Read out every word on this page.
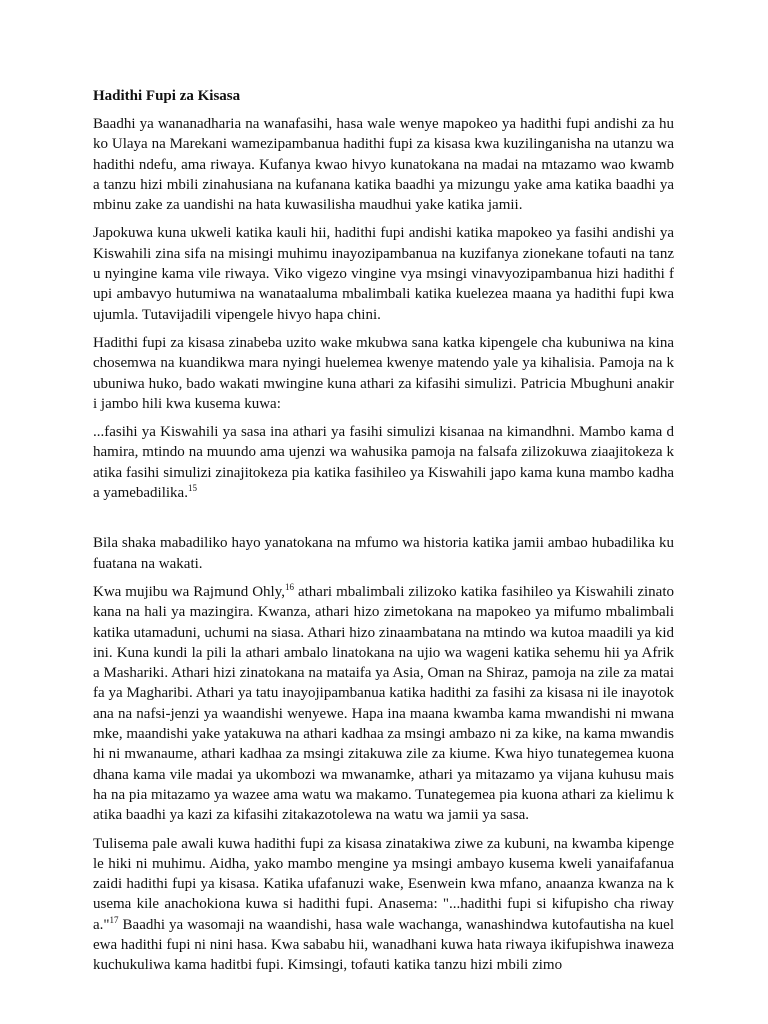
Hadithi Fupi za Kisasa

Baadhi ya wananadharia na wanafasihi, hasa wale wenye mapokeo ya hadithi fupi andishi za huko Ulaya na Marekani wamezipambanua hadithi fupi za kisasa kwa kuzilinganisha na utanzu wa hadithi ndefu, ama riwaya. Kufanya kwao hivyo kunatokana na madai na mtazamo wao kwamba tanzu hizi mbili zinahusiana na kufanana katika baadhi ya mizungu yake ama katika baadhi ya mbinu zake za uandishi na hata kuwasilisha maudhui yake katika jamii.

Japokuwa kuna ukweli katika kauli hii, hadithi fupi andishi katika mapokeo ya fasihi andishi ya Kiswahili zina sifa na misingi muhimu inayozipambanua na kuzifanya zionekane tofauti na tanzu nyingine kama vile riwaya. Viko vigezo vingine vya msingi vinavyozipambanua hizi hadithi fupi ambavyo hutumiwa na wanataaluma mbalimbali katika kuelezea maana ya hadithi fupi kwa ujumla. Tutavijadili vipengele hivyo hapa chini.

Hadithi fupi za kisasa zinabeba uzito wake mkubwa sana katka kipengele cha kubuniwa na kinachosemwa na kuandikwa mara nyingi huelemea kwenye matendo yale ya kihalisia. Pamoja na kubuniwa huko, bado wakati mwingine kuna athari za kifasihi simulizi. Patricia Mbughuni anakiri jambo hili kwa kusema kuwa:

...fasihi ya Kiswahili ya sasa ina athari ya fasihi simulizi kisanaa na kimandhni. Mambo kama dhamira, mtindo na muundo ama ujenzi wa wahusika pamoja na falsafa zilizokuwa ziaajitokeza katika fasihi simulizi zinajitokeza pia katika fasihileo ya Kiswahili japo kama kuna mambo kadhaa yamebadilika.$^{15}$

Bila shaka mabadiliko hayo yanatokana na mfumo wa historia katika jamii ambao hubadilika kufuatana na wakati.

Kwa mujibu wa Rajmund Ohly,$^{16}$ athari mbalimbali zilizoko katika fasihileo ya Kiswahili zinatokana na hali ya mazingira. Kwanza, athari hizo zimetokana na mapokeo ya mifumo mbalimbali katika utamaduni, uchumi na siasa. Athari hizo zinaambatana na mtindo wa kutoa maadili ya kidini. Kuna kundi la pili la athari ambalo linatokana na ujio wa wageni katika sehemu hii ya Afrika Mashariki. Athari hizi zinatokana na mataifa ya Asia, Oman na Shiraz, pamoja na zile za mataifa ya Magharibi. Athari ya tatu inayojipambanua katika hadithi za fasihi za kisasa ni ile inayotokana na nafsi-jenzi ya waandishi wenyewe. Hapa ina maana kwamba kama mwandishi ni mwanamke, maandishi yake yatakuwa na athari kadhaa za msingi ambazo ni za kike, na kama mwandishi ni mwanaume, athari kadhaa za msingi zitakuwa zile za kiume. Kwa hiyo tunategemea kuona dhana kama vile madai ya ukombozi wa mwanamke, athari ya mitazamo ya vijana kuhusu maisha na pia mitazamo ya wazee ama watu wa makamo. Tunategemea pia kuona athari za kielimu katika baadhi ya kazi za kifasihi zitakazotolewa na watu wa jamii ya sasa.

Tulisema pale awali kuwa hadithi fupi za kisasa zinatakiwa ziwe za kubuni, na kwamba kipengele hiki ni muhimu. Aidha, yako mambo mengine ya msingi ambayo kusema kweli yanaifafanua zaidi hadithi fupi ya kisasa. Katika ufafanuzi wake, Esenwein kwa mfano, anaanza kwanza na kusema kile anachokiona kuwa si hadithi fupi. Anasema: "...hadithi fupi si kifupisho cha riwaya."$^{17}$ Baadhi ya wasomaji na waandishi, hasa wale wachanga, wanashindwa kutofautisha na kuelewa hadithi fupi ni nini hasa. Kwa sababu hii, wanadhani kuwa hata riwaya ikifupishwa inaweza kuchukuliwa kama haditbi fupi. Kimsingi, tofauti katika tanzu hizi mbili zimo
